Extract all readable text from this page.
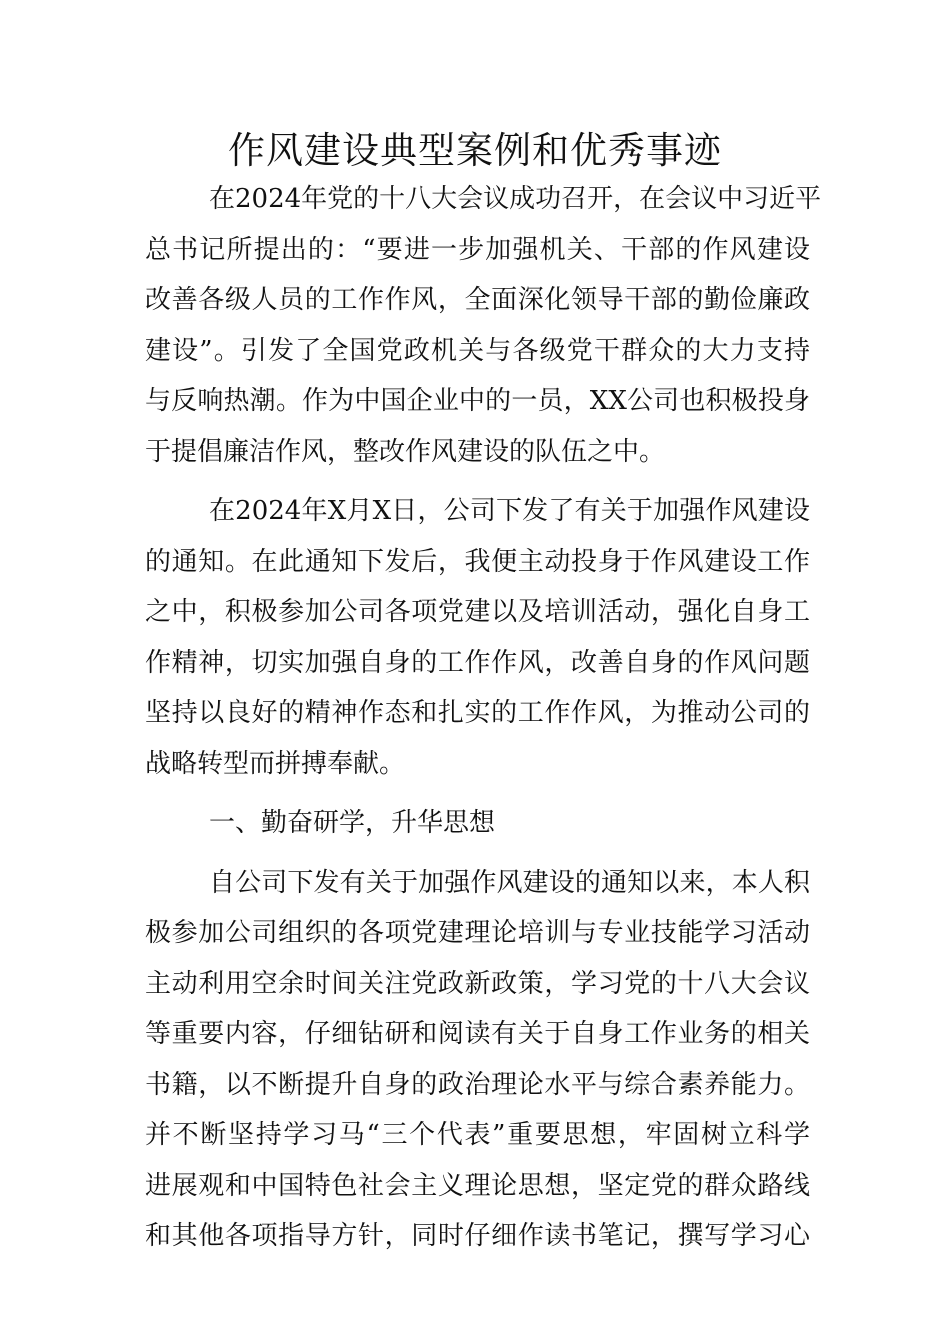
作风建设典型案例和优秀事迹
在2024年党的十八大会议成功召开，在会议中习近平
总书记所提出的：“要进一步加强机关、干部的作风建设
改善各级人员的工作作风，全面深化领导干部的勤俭廉政
建设”。引发了全国党政机关与各级党干群众的大力支持
与反响热潮。作为中国企业中的一员，XX公司也积极投身
于提倡廉洁作风，整改作风建设的队伍之中。
在2024年X月X日，公司下发了有关于加强作风建设
的通知。在此通知下发后，我便主动投身于作风建设工作
之中，积极参加公司各项党建以及培训活动，强化自身工
作精神，切实加强自身的工作作风，改善自身的作风问题
坚持以良好的精神作态和扎实的工作作风，为推动公司的
战略转型而拼搏奉献。
一、勤奋研学，升华思想
自公司下发有关于加强作风建设的通知以来，本人积
极参加公司组织的各项党建理论培训与专业技能学习活动
主动利用空余时间关注党政新政策，学习党的十八大会议
等重要内容，仔细钻研和阅读有关于自身工作业务的相关
书籍，以不断提升自身的政治理论水平与综合素养能力。
并不断坚持学习马“三个代表”重要思想，牢固树立科学
进展观和中国特色社会主义理论思想，坚定党的群众路线
和其他各项指导方针，同时仔细作读书笔记，撰写学习心
